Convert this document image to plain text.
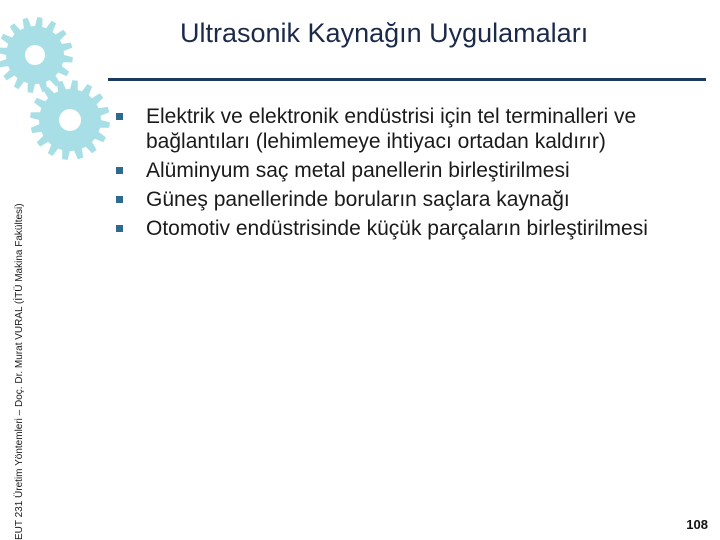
EUT 231 Üretim Yöntemleri – Doç. Dr. Murat VURAL (İTÜ Makina Fakültesi)
Ultrasonik Kaynağın Uygulamaları
Elektrik ve elektronik endüstrisi için tel terminalleri ve bağlantıları (lehimlemeye ihtiyacı ortadan kaldırır)
Alüminyum saç metal panellerin birleştirilmesi
Güneş panellerinde boruların saçlara kaynağı
Otomotiv endüstrisinde küçük parçaların birleştirilmesi
108
